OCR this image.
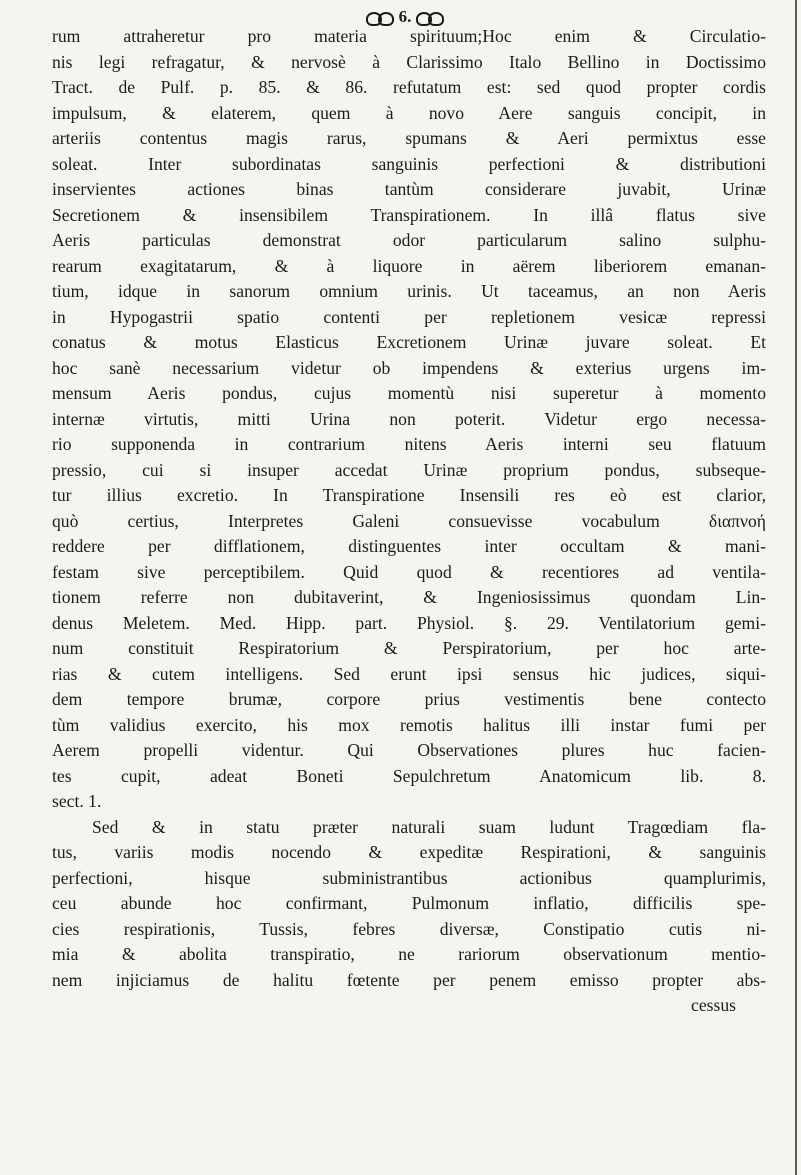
6.
rum attraheretur pro materia spirituum;Hoc enim & Circulatio-
nis legi refragatur, & nervosè à Clarissimo Italo Bellino in Doctissimo
Tract. de Pulf. p. 85. & 86. refutatum est: sed quod propter cordis
impulsum, & elaterem, quem à novo Aere sanguis concipit, in
arteriis contentus magis rarus, spumans & Aeri permixtus esse
soleat. Inter subordinatas sanguinis perfectioni & distributioni
inservientes actiones binas tantùm considerare juvabit, Urinæ
Secretionem & insensibilem Transpirationem. In illâ flatus sive
Aeris particulas demonstrat odor particularum salino sulphu-
rearum exagitatarum, & à liquore in aërem liberiorem emanan-
tium, idque in sanorum omnium urinis. Ut taceamus, an non Aeris
in Hypogastrii spatio contenti per repletionem vesicæ repressi
conatus & motus Elasticus Excretionem Urinæ juvare soleat. Et
hoc sanè necessarium videtur ob impendens & exterius urgens im-
mensum Aeris pondus, cujus momentù nisi superetur à momento
internæ virtutis, mitti Urina non poterit. Videtur ergo necessa-
rio supponenda in contrarium nitens Aeris interni seu flatuum
pressio, cui si insuper accedat Urinæ proprium pondus, subseque-
tur illius excretio. In Transpiratione Insensili res eò est clarior,
quò certius, Interpretes Galeni consuevisse vocabulum διαπνοή
reddere per difflationem, distinguentes inter occultam & mani-
festam sive perceptibilem. Quid quod & recentiores ad ventila-
tionem referre non dubitaverint, & Ingeniosissimus quondam Lin-
denus Meletem. Med. Hipp. part. Physiol. §. 29. Ventilatorium gemi-
num constituit Respiratorium & Perspiratorium, per hoc arte-
rias & cutem intelligens. Sed erunt ipsi sensus hic judices, siqui-
dem tempore brumæ, corpore prius vestimentis bene contecto
tùm validius exercito, his mox remotis halitus illi instar fumi per
Aerem propelli videntur. Qui Observationes plures huc facien-
tes cupit, adeat Boneti Sepulchretum Anatomicum lib. 8.
sect. 1.
Sed & in statu præter naturali suam ludunt Tragœdiam fla-
tus, variis modis nocendo & expeditæ Respirationi, & sanguinis
perfectioni, hisque subministrantibus actionibus quamplurimis,
ceu abunde hoc confirmant, Pulmonum inflatio, difficilis spe-
cies respirationis, Tussis, febres diversæ, Constipatio cutis ni-
mia & abolita transpiratio, ne rariorum observationum mentio-
nem injiciamus de halitu fœtente per penem emisso propter abs-
cessus
